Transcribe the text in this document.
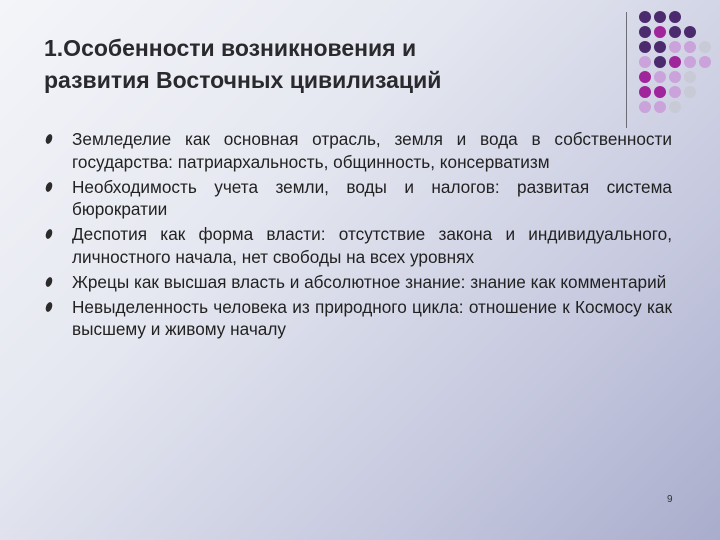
1.Особенности возникновения и
развития Восточных цивилизаций
Земледелие как основная отрасль, земля и вода в собственности государства: патриархальность, общинность, консерватизм
Необходимость учета земли, воды и налогов: развитая система бюрократии
Деспотия как форма власти: отсутствие закона и индивидуального, личностного начала, нет свободы на всех уровнях
Жрецы как высшая власть и абсолютное знание: знание как комментарий
Невыделенность человека из природного цикла: отношение к Космосу как высшему и живому началу
9
